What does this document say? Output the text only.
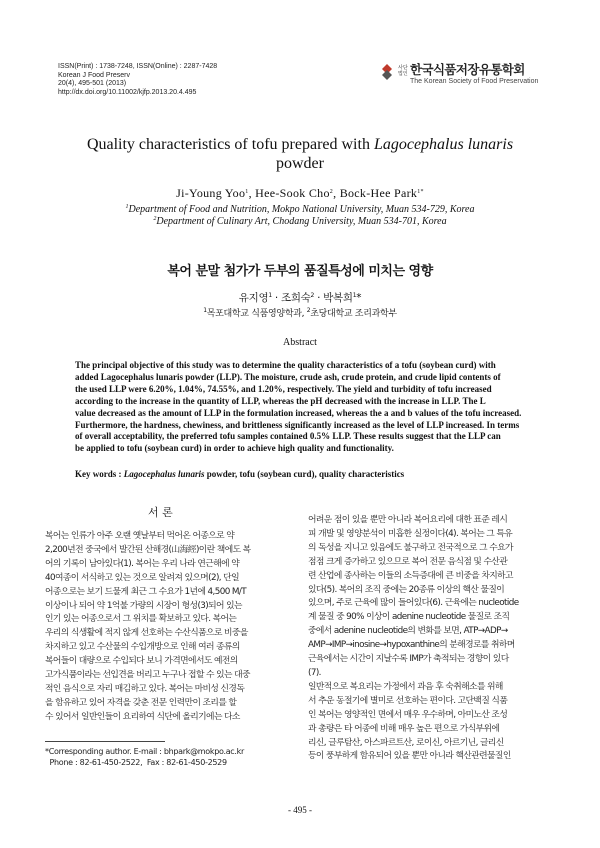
ISSN(Print) : 1738-7248, ISSN(Online) : 2287-7428
Korean J Food Preserv
20(4), 495-501 (2013)
http://dx.doi.org/10.11002/kjfp.2013.20.4.495
사단법인 한국식품저장유통학회
The Korean Society of Food Preservation
Quality characteristics of tofu prepared with Lagocephalus lunaris
powder
Ji-Young Yoo$^1$, Hee-Sook Cho$^2$, Bock-Hee Park$^{1*}$
$^1$Department of Food and Nutrition, Mokpo National University, Muan 534-729, Korea
$^2$Department of Culinary Art, Chodang University, Muan 534-701, Korea
복어 분말 첨가가 두부의 품질특성에 미치는 영향
유지영$^1$ · 조희숙$^2$ · 박복희$^1$*
$^1$목포대학교 식품영양학과, $^2$초당대학교 조리과학부
Abstract
The principal objective of this study was to determine the quality characteristics of a tofu (soybean curd) with
added Lagocephalus lunaris powder (LLP). The moisture, crude ash, crude protein, and crude lipid contents of
the used LLP were 6.20%, 1.04%, 74.55%, and 1.20%, respectively. The yield and turbidity of tofu increased
according to the increase in the quantity of LLP, whereas the pH decreased with the increase in LLP. The L
value decreased as the amount of LLP in the formulation increased, whereas the a and b values of the tofu increased.
Furthermore, the hardness, chewiness, and brittleness significantly increased as the level of LLP increased. In terms
of overall acceptability, the preferred tofu samples contained 0.5% LLP. These results suggest that the LLP can
be applied to tofu (soybean curd) in order to achieve high quality and functionality.
Key words : Lagocephalus lunaris powder, tofu (soybean curd), quality characteristics
서 론
복어는 인류가 아주 오랜 옛날부터 먹어온 어종으로 약
2,200년전 중국에서 발간된 산해경(山海經)이란 책에도 복
어의 기록이 남아있다(1). 복어는 우리 나라 연근해에 약
40여종이 서식하고 있는 것으로 알려져 있으며(2), 단일
어종으로는 보기 드물게 최근 그 수요가 1년에 4,500 M/T
이상이나 되어 약 1억불 가량의 시장이 형성(3)되어 있는
인기 있는 어종으로서 그 위치를 확보하고 있다. 복어는
우리의 식생활에 적지 않게 선호하는 수산식품으로 비중을
차지하고 있고 수산물의 수입개방으로 인해 여러 종류의
복어들이 대량으로 수입되다 보니 가격면에서도 예전의
고가식품이라는 선입견을 버리고 누구나 접할 수 있는 대중
적인 음식으로 자리 매김하고 있다. 복어는 마비성 신경독
을 함유하고 있어 자격을 갖춘 전문 인력만이 조리를 할
수 있어서 일반인들이 요리하여 식단에 올리기에는 다소
어려운 점이 있을 뿐만 아니라 복어요리에 대한 표준 레시
피 개발 및 영양분석이 미흡한 실정이다(4). 복어는 그 특유
의 독성을 지니고 있음에도 불구하고 전국적으로 그 수요가
점점 크게 증가하고 있으므로 복어 전문 음식점 및 수산관
련 산업에 종사하는 이들의 소득증대에 큰 비중을 차지하고
있다(5). 복어의 조직 중에는 20종류 이상의 핵산 물질이
있으며, 주로 근육에 많이 들어있다(6). 근육에는 nucleotide
계 물질 중 90% 이상이 adenine nucleotide 물질로 조직
중에서 adenine nucleotide의 변화를 보면, ATP→ADP→
AMP→IMP→inosine→hypoxanthine의 분해경로를 취하며
근육에서는 시간이 지날수록 IMP가 축적되는 경향이 있다
(7).
일반적으로 복요리는 가정에서 과음 후 숙취해소를 위해
서 추운 동절기에 별미로 선호하는 편이다. 고단백질 식품
인 복어는 영양적인 면에서 매우 우수하며, 아미노산 조성
과 총량은 타 어종에 비해 매우 높은 편으로 가식부위에
리신, 글루탐산, 아스파르트산, 로이신, 아르기닌, 글리신
등이 풍부하게 함유되어 있을 뿐만 아니라 핵산관련물질인
*Corresponding author. E-mail : bhpark@mokpo.ac.kr
Phone : 82-61-450-2522,  Fax : 82-61-450-2529
- 495 -
